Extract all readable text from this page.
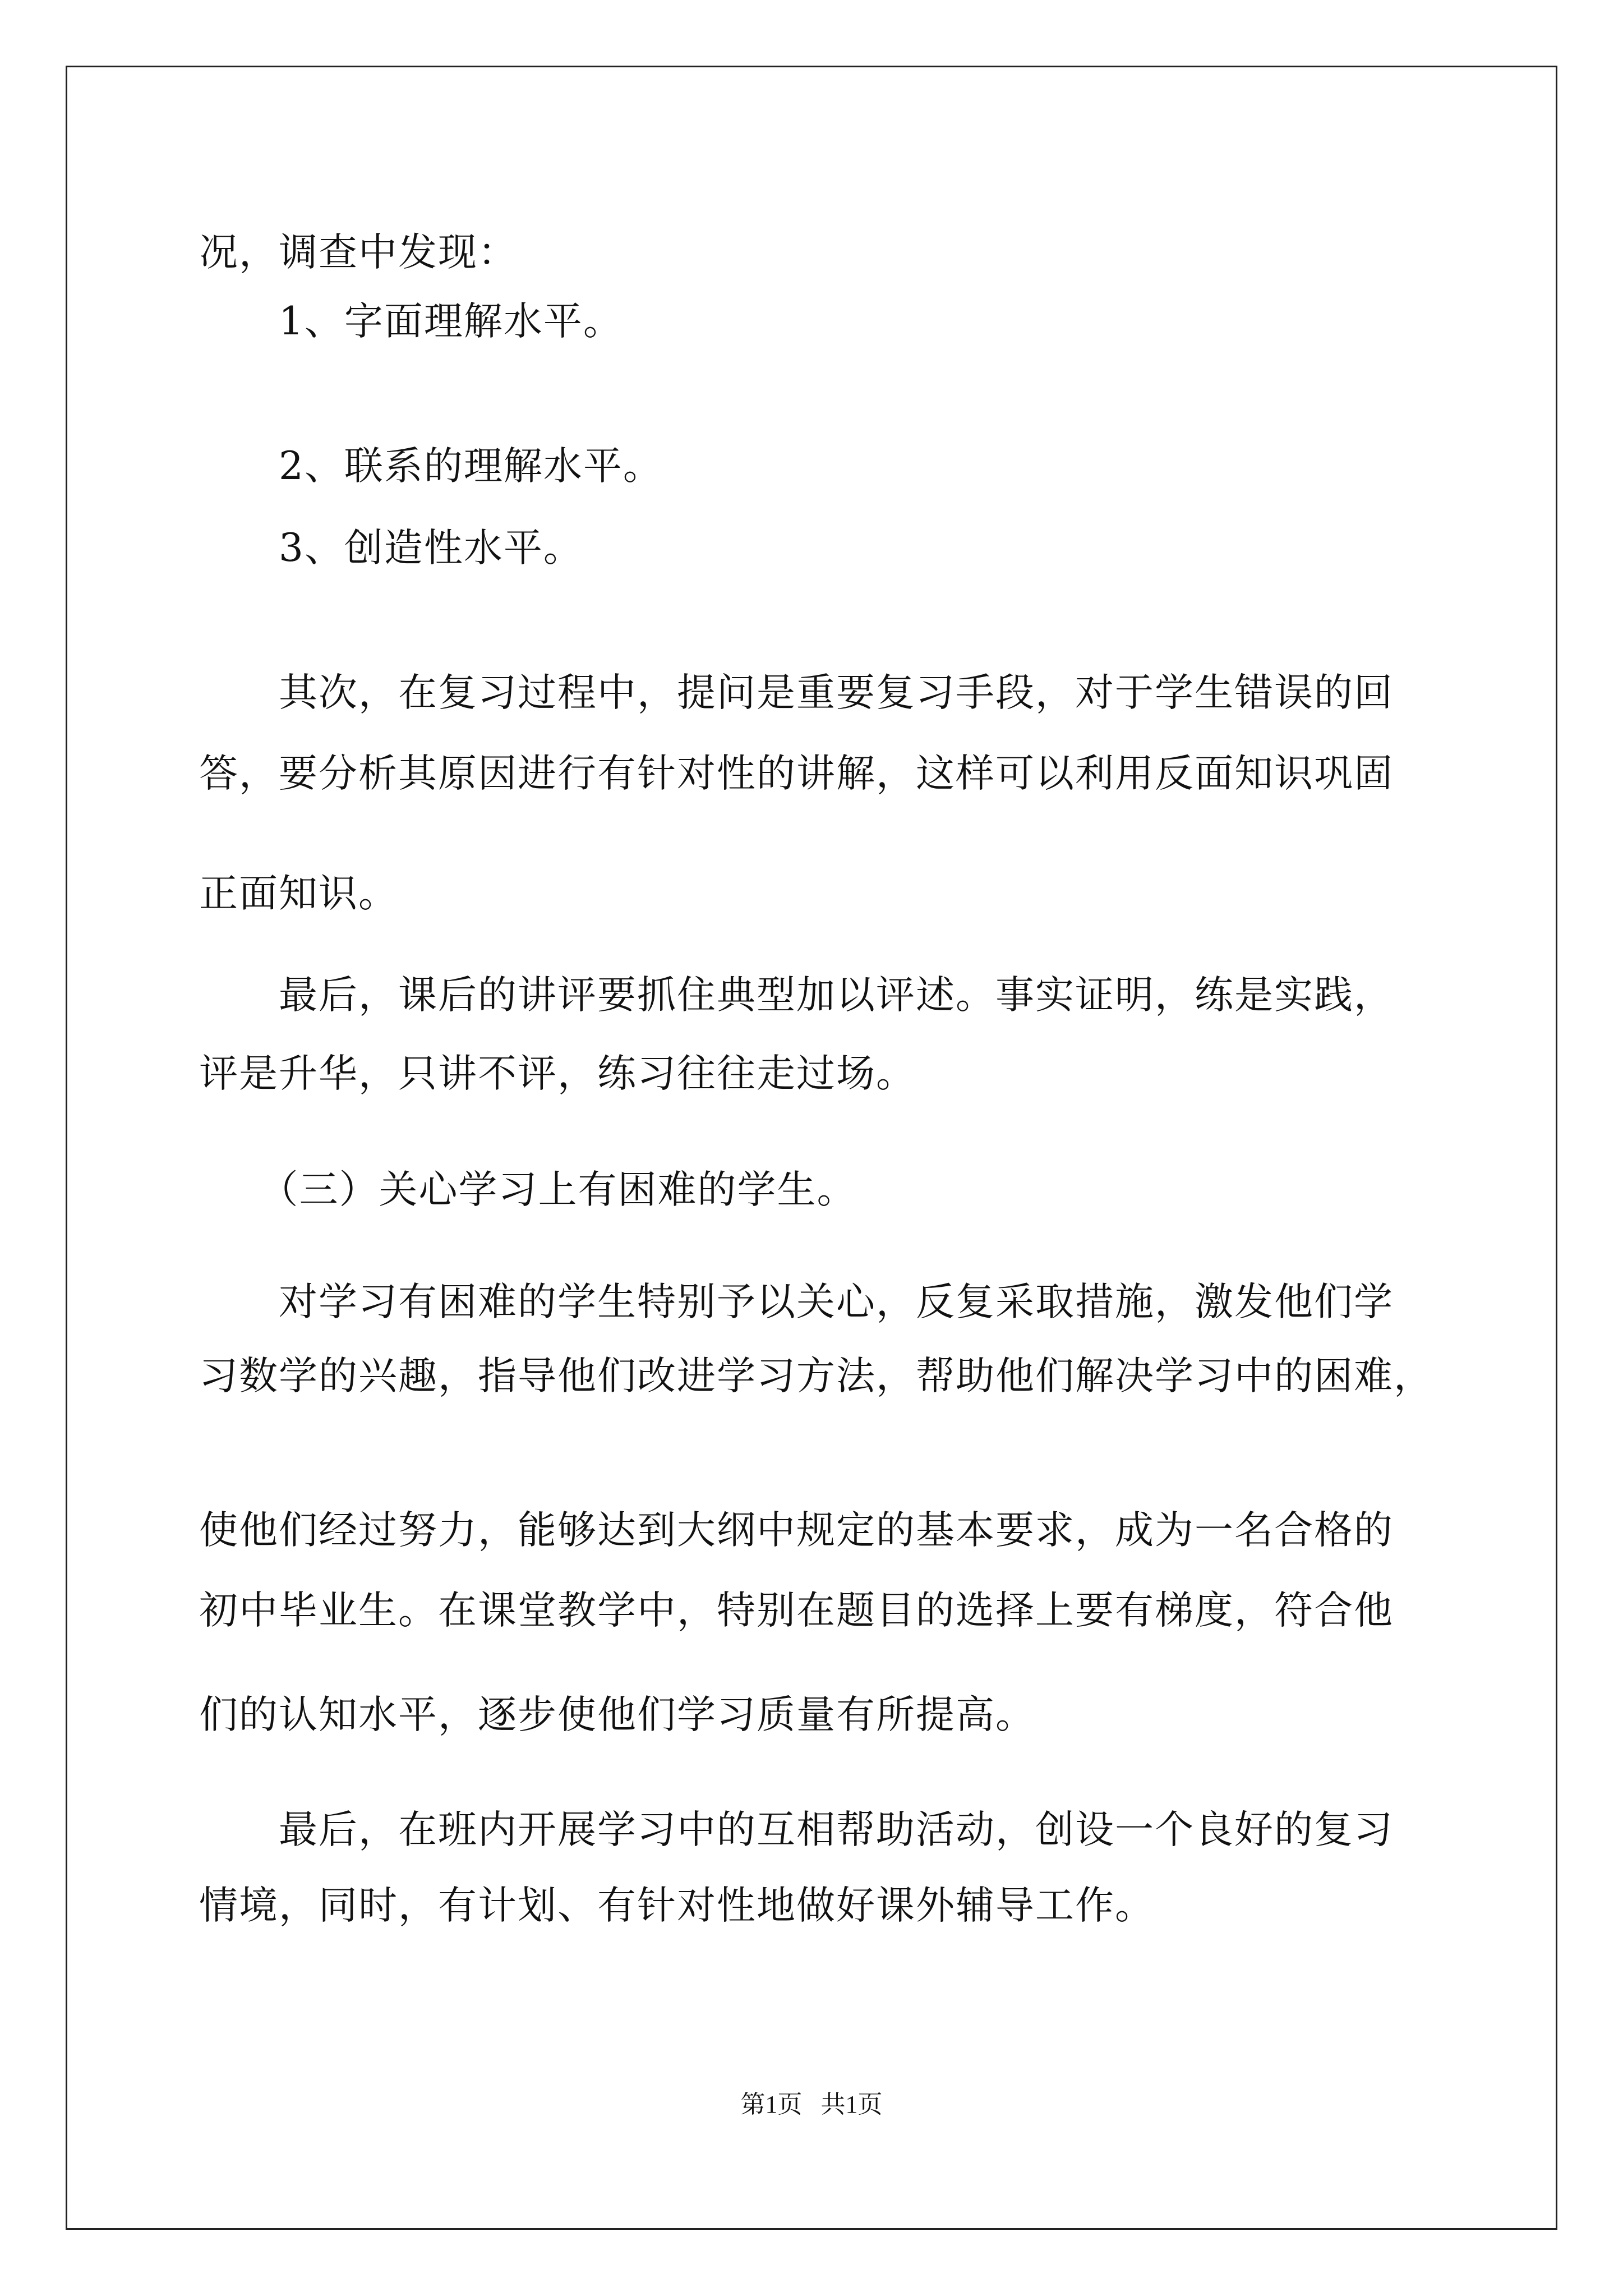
况，调查中发现：
　　1、字面理解水平。
　　2、联系的理解水平。
　　3、创造性水平。
　　其次，在复习过程中，提问是重要复习手段，对于学生错误的回
答，要分析其原因进行有针对性的讲解，这样可以利用反面知识巩固
正面知识。
　　最后，课后的讲评要抓住典型加以评述。事实证明，练是实践，
评是升华，只讲不评，练习往往走过场。
　　（三）关心学习上有困难的学生。
　　对学习有困难的学生特别予以关心，反复采取措施，激发他们学
习数学的兴趣，指导他们改进学习方法，帮助他们解决学习中的困难，
使他们经过努力，能够达到大纲中规定的基本要求，成为一名合格的
初中毕业生。在课堂教学中，特别在题目的选择上要有梯度，符合他
们的认知水平，逐步使他们学习质量有所提高。
　　最后，在班内开展学习中的互相帮助活动，创设一个良好的复习
情境，同时，有计划、有针对性地做好课外辅导工作。
第1页   共1页
